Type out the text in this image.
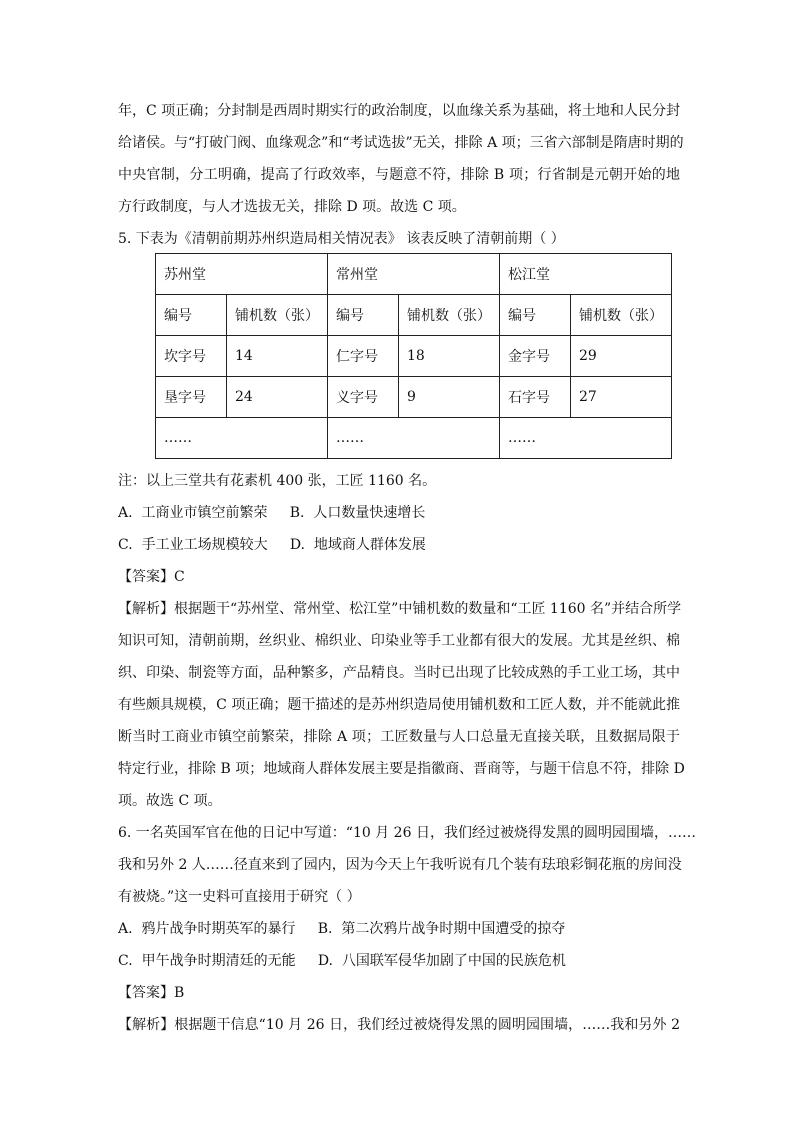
年，C 项正确；分封制是西周时期实行的政治制度，以血缘关系为基础，将土地和人民分封
给诸侯。与“打破门阀、血缘观念”和“考试选拔”无关，排除 A 项；三省六部制是隋唐时期的
中央官制，分工明确，提高了行政效率，与题意不符，排除 B 项；行省制是元朝开始的地
方行政制度，与人才选拔无关，排除 D 项。故选 C 项。
5. 下表为《清朝前期苏州织造局相关情况表》 该表反映了清朝前期（ ）
苏州堂		常州堂		松江堂	
编号	铺机数（张）	编号	铺机数（张）	编号	铺机数（张）
坎字号	14	仁字号	18	金字号	29
垦字号	24	义字号	9	石字号	27
……		……		……	
注：以上三堂共有花素机 400 张，工匠 1160 名。
A.  工商业市镇空前繁荣     B.  人口数量快速增长
C.  手工业工场规模较大     D.  地域商人群体发展
【答案】C
【解析】根据题干“苏州堂、常州堂、松江堂”中铺机数的数量和“工匠 1160 名”并结合所学
知识可知，清朝前期，丝织业、棉织业、印染业等手工业都有很大的发展。尤其是丝织、棉
织、印染、制瓷等方面，品种繁多，产品精良。当时已出现了比较成熟的手工业工场，其中
有些颇具规模，C 项正确；题干描述的是苏州织造局使用铺机数和工匠人数，并不能就此推
断当时工商业市镇空前繁荣，排除 A 项；工匠数量与人口总量无直接关联，且数据局限于
特定行业，排除 B 项；地域商人群体发展主要是指徽商、晋商等，与题干信息不符，排除 D
项。故选 C 项。
6. 一名英国军官在他的日记中写道：“10 月 26 日，我们经过被烧得发黑的圆明园围墙，……
我和另外 2 人……径直来到了园内，因为今天上午我听说有几个装有珐琅彩铜花瓶的房间没
有被烧。”这一史料可直接用于研究（ ）
A.  鸦片战争时期英军的暴行     B.  第二次鸦片战争时期中国遭受的掠夺
C.  甲午战争时期清廷的无能     D.  八国联军侵华加剧了中国的民族危机
【答案】B
【解析】根据题干信息“10 月 26 日，我们经过被烧得发黑的圆明园围墙，……我和另外 2
